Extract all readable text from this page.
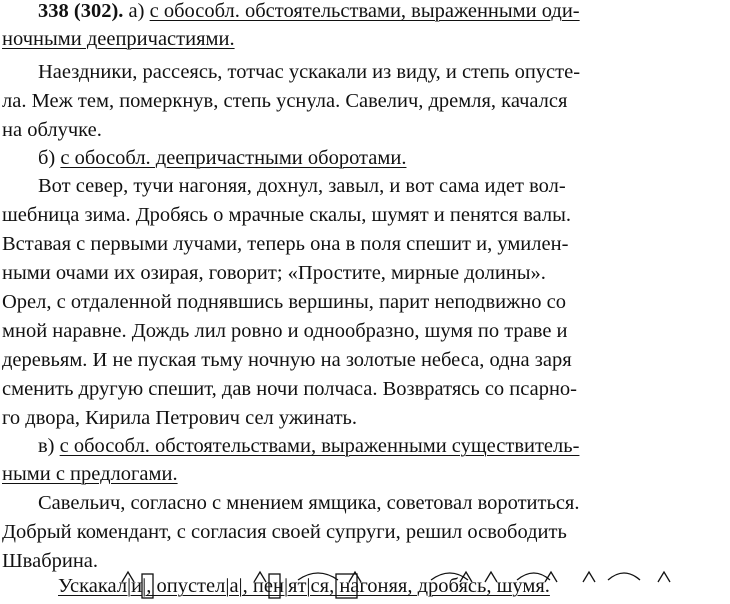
338 (302). а) с обособл. обстоятельствами, выраженными оди-
ночными деепричастиями.
Наездники, рассеясь, тотчас ускакали из виду, и степь опусте-
ла. Меж тем, померкнув, степь уснула. Савелич, дремля, качался
на облучке.
б) с обособл. деепричастными оборотами.
Вот север, тучи нагоняя, дохнул, завыл, и вот сама идет вол-
шебница зима. Дробясь о мрачные скалы, шумят и пенятся валы.
Вставая с первыми лучами, теперь она в поля спешит и, умилен-
ными очами их озирая, говорит; «Простите, мирные долины».
Орел, с отдаленной поднявшись вершины, парит неподвижно со
мной наравне. Дождь лил ровно и однообразно, шумя по траве и
деревьям. И не пуская тьму ночную на золотые небеса, одна заря
сменить другую спешит, дав ночи полчаса. Возвратясь со псарно-
го двора, Кирила Петрович сел ужинать.
в) с обособл. обстоятельствами, выраженными существитель-
ными с предлогами.
Савельич, согласно с мнением ямщика, советовал воротиться.
Добрый комендант, с согласия своей супруги, решил освободить
Швабрина.
Ускакал|и|, опустел|а|, пен|ят|ся, нагоняя, дробясь, шумя.
